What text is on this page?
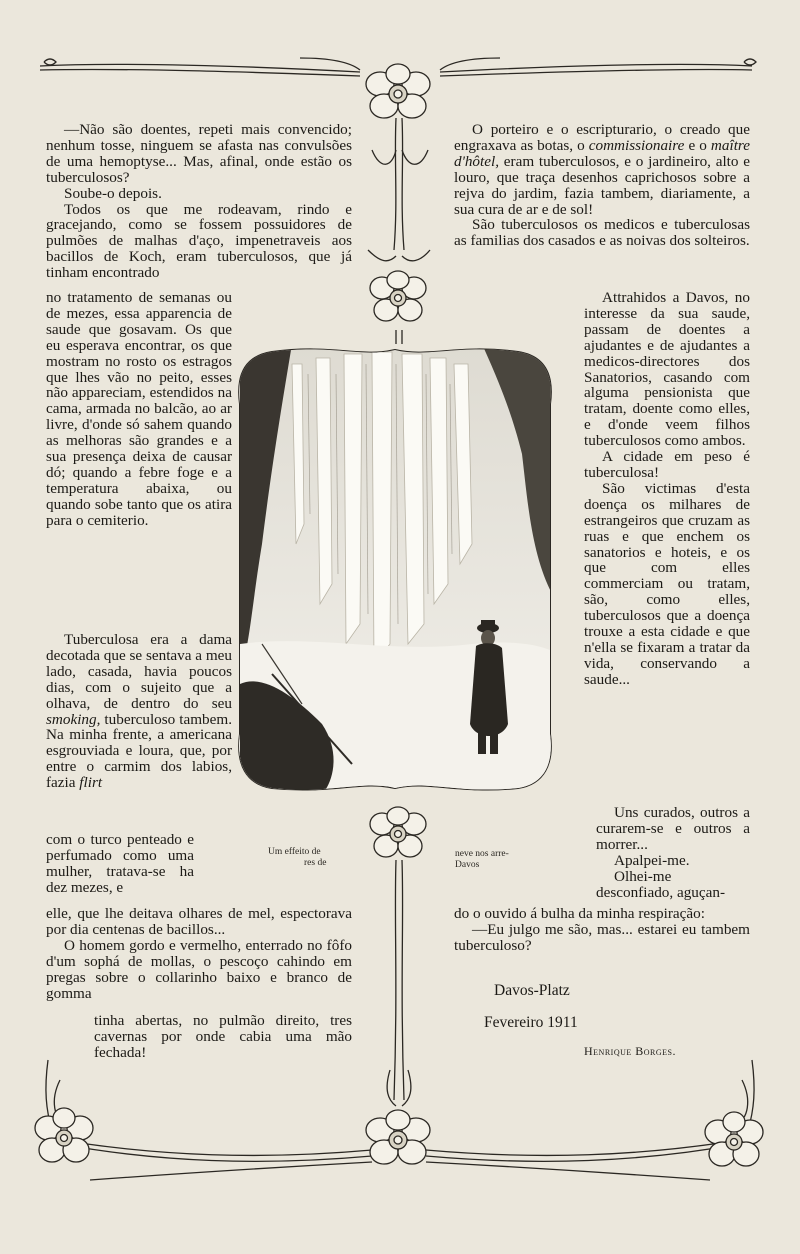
—Não são doentes, repeti mais convencido; nenhum tosse, ninguem se afasta nas convulsões de uma hemoptyse... Mas, afinal, onde estão os tuberculosos?

Soube-o depois.

Todos os que me rodeavam, rindo e gracejando, como se fossem possuidores de pulmões de malhas d'aço, impenetraveis aos bacillos de Koch, eram tuberculosos, que já tinham encontrado

no tratamento de semanas ou de mezes, essa apparencia de saude que gosavam. Os que eu esperava encontrar, os que mostram no rosto os estragos que lhes vão no peito, esses não appareciam, estendidos na cama, armada no balcão, ao ar livre, d'onde só sahem quando as melhoras são grandes e a sua presença deixa de causar dó; quando a febre foge e a temperatura abaixa, ou quando sobe tanto que os atira para o cemiterio.

Tuberculosa era a dama decotada que se sentava a meu lado, casada, havia poucos dias, com o sujeito que a olhava, de dentro do seu smoking, tuberculoso tambem. Na minha frente, a americana esgrouviada e loura, que, por entre o carmim dos labios, fazia flirt

com o turco penteado e perfumado como uma mulher, tratava-se ha dez mezes, e

elle, que lhe deitava olhares de mel, espectorava por dia centenas de bacillos...

O homem gordo e vermelho, enterrado no fôfo d'um sophá de mollas, o pescoço cahindo em pregas sobre o collarinho baixo e branco de gomma

tinha abertas, no pulmão direito, tres cavernas por onde cabia uma mão fechada!

Um effeito de
res de
neve nos arre-
Davos

O porteiro e o escripturario, o creado que engraxava as botas, o commissionaire e o maître d'hôtel, eram tuberculosos, e o jardineiro, alto e louro, que traça desenhos caprichosos sobre a rejva do jardim, fazia tambem, diariamente, a sua cura de ar e de sol!

São tuberculosos os medicos e tuberculosas as familias dos casados e as noivas dos solteiros.

Attrahidos a Davos, no interesse da sua saude, passam de doentes a ajudantes e de ajudantes a medicos-directores dos Sanatorios, casando com alguma pensionista que tratam, doente como elles, e d'onde veem filhos tuberculosos como ambos.

A cidade em peso é tuberculosa!

São victimas d'esta doença os milhares de estrangeiros que cruzam as ruas e que enchem os sanatorios e hoteis, e os que com elles commerciam ou tratam, são, como elles, tuberculosos que a doença trouxe a esta cidade e que n'ella se fixaram a tratar da vida, conservando a saude...

Uns curados, outros a curarem-se e outros a morrer...

Apalpei-me.

Olhei-me desconfiado, aguçan-

do o ouvido á bulha da minha respiração:

—Eu julgo me são, mas... estarei eu tambem tuberculoso?

Davos-Platz
Fevereiro 1911
Henrique Borges.
